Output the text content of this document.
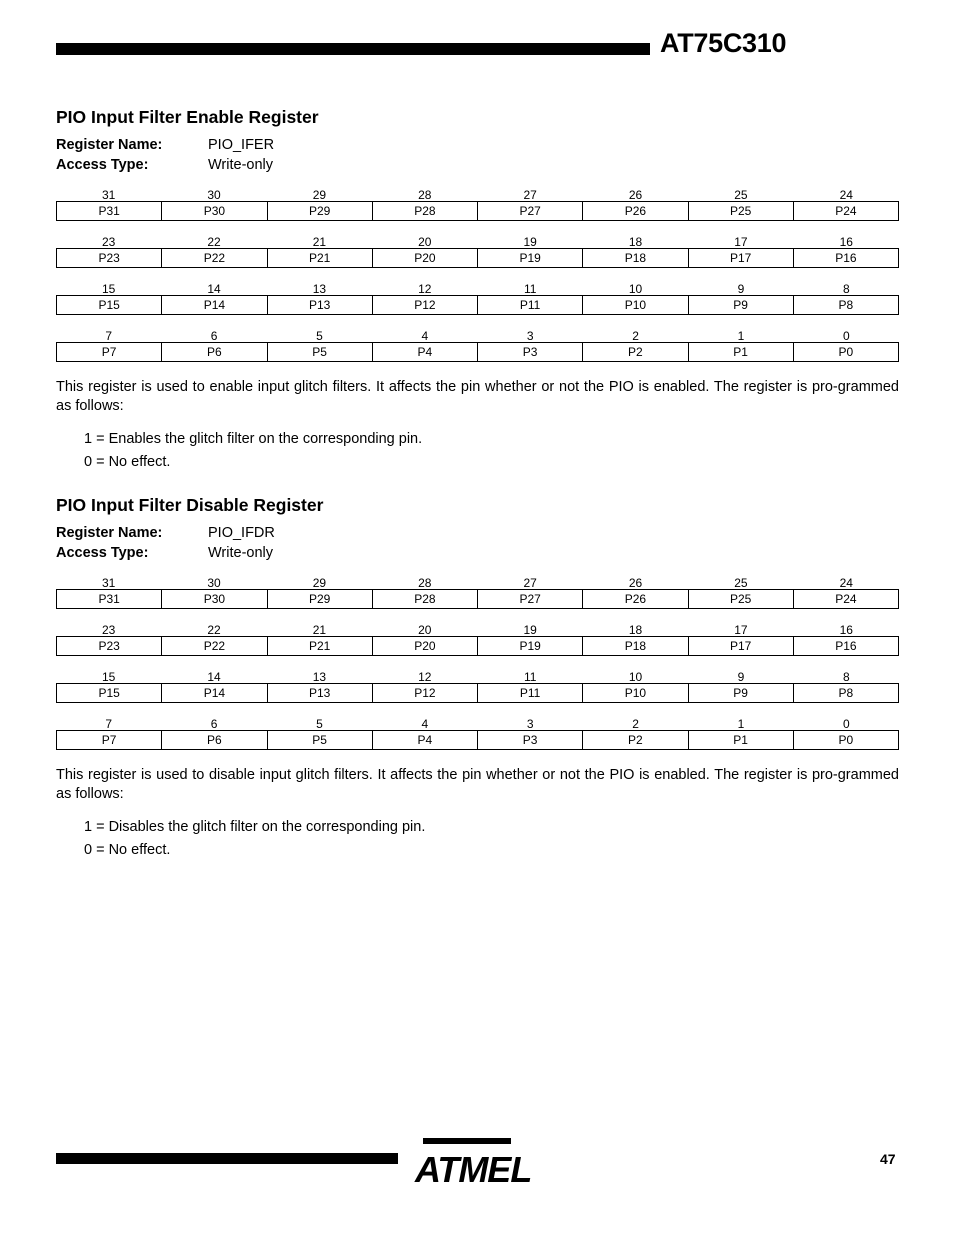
AT75C310
PIO Input Filter Enable Register
Register Name:	PIO_IFER
Access Type:	Write-only
31	30	29	28	27	26	25	24
P31	P30	P29	P28	P27	P26	P25	P24
23	22	21	20	19	18	17	16
P23	P22	P21	P20	P19	P18	P17	P16
15	14	13	12	11	10	9	8
P15	P14	P13	P12	P11	P10	P9	P8
7	6	5	4	3	2	1	0
P7	P6	P5	P4	P3	P2	P1	P0

This register is used to enable input glitch filters. It affects the pin whether or not the PIO is enabled. The register is pro-grammed as follows:

1 = Enables the glitch filter on the corresponding pin.
0 = No effect.
PIO Input Filter Disable Register
Register Name:	PIO_IFDR
Access Type:	Write-only
31	30	29	28	27	26	25	24
P31	P30	P29	P28	P27	P26	P25	P24
23	22	21	20	19	18	17	16
P23	P22	P21	P20	P19	P18	P17	P16
15	14	13	12	11	10	9	8
P15	P14	P13	P12	P11	P10	P9	P8
7	6	5	4	3	2	1	0
P7	P6	P5	P4	P3	P2	P1	P0

This register is used to disable input glitch filters. It affects the pin whether or not the PIO is enabled. The register is pro-grammed as follows:

1 = Disables the glitch filter on the corresponding pin.
0 = No effect.
ATMEL	47
